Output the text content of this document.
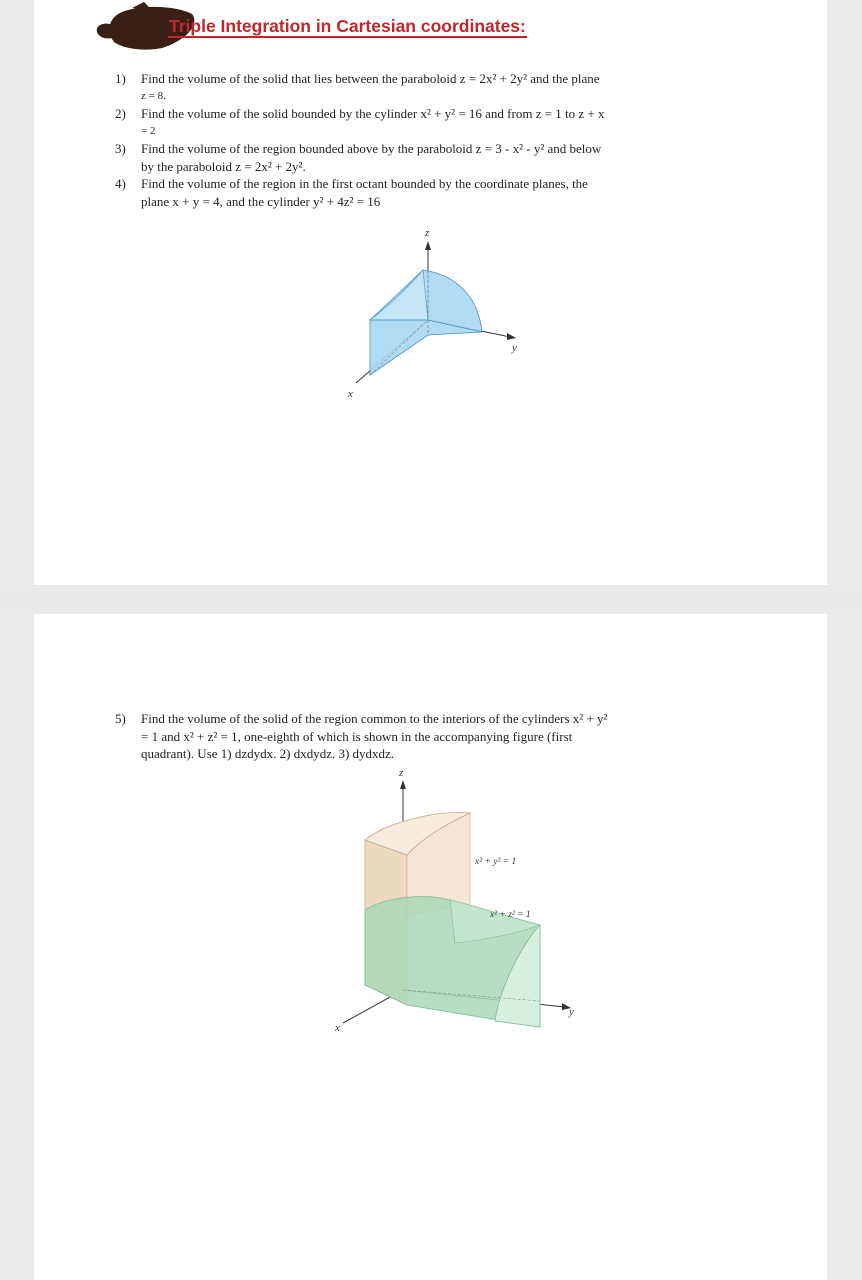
Triple Integration in Cartesian coordinates:
1) Find the volume of the solid that lies between the paraboloid z = 2x² + 2y² and the plane
z = 8.
2) Find the volume of the solid bounded by the cylinder x² + y² = 16 and from z = 1 to z + x
= 2
3) Find the volume of the region bounded above by the paraboloid z = 3 - x² - y² and below
by the paraboloid z = 2x² + 2y².
4) Find the volume of the region in the first octant bounded by the coordinate planes, the
plane x + y = 4, and the cylinder y² + 4z² = 16
z
y
x
5) Find the volume of the solid of the region common to the interiors of the cylinders x² + y²
= 1 and x² + z² = 1, one-eighth of which is shown in the accompanying figure (first
quadrant). Use 1) dzdydx. 2) dxdydz. 3) dydxdz.
z
y
x
x² + y² = 1
x² + z² = 1
